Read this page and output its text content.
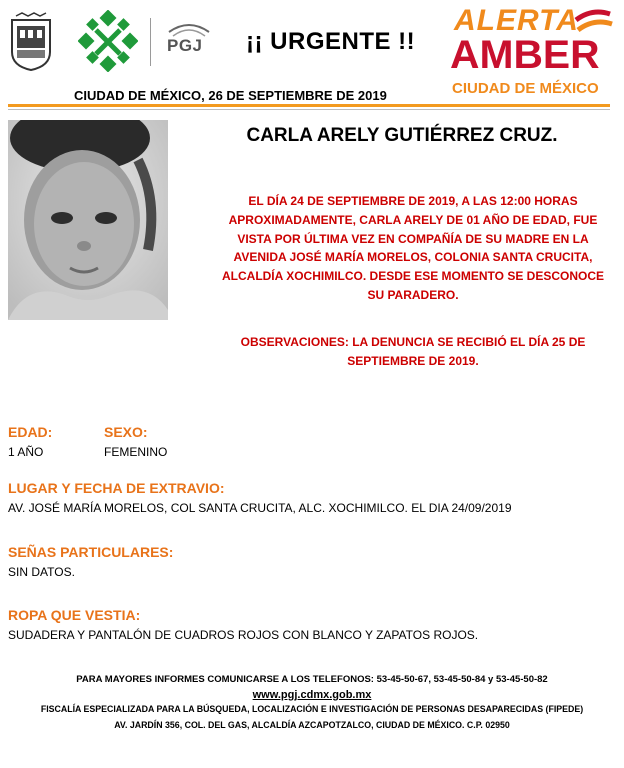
PGJ ¡¡ URGENTE !!
ALERTA
AMBER
CIUDAD DE MÉXICO
CIUDAD DE MÉXICO, 26 DE SEPTIEMBRE DE 2019
CARLA ARELY GUTIÉRREZ CRUZ.
EL DÍA 24 DE SEPTIEMBRE DE 2019, A LAS 12:00 HORAS APROXIMADAMENTE, CARLA ARELY DE 01 AÑO DE EDAD, FUE VISTA POR ÚLTIMA VEZ EN COMPAÑÍA DE SU MADRE EN LA AVENIDA JOSÉ MARÍA MORELOS, COLONIA SANTA CRUCITA, ALCALDÍA XOCHIMILCO. DESDE ESE MOMENTO SE DESCONOCE SU PARADERO.
OBSERVACIONES: LA DENUNCIA SE RECIBIÓ EL DÍA 25 DE SEPTIEMBRE DE 2019.
EDAD:
1 AÑO
SEXO:
FEMENINO
LUGAR Y FECHA DE EXTRAVIO:
AV. JOSÉ MARÍA MORELOS, COL SANTA CRUCITA, ALC. XOCHIMILCO. EL DIA 24/09/2019
SEÑAS PARTICULARES:
SIN DATOS.
ROPA QUE VESTIA:
SUDADERA Y PANTALÓN DE CUADROS ROJOS CON BLANCO Y ZAPATOS ROJOS.
PARA MAYORES INFORMES COMUNICARSE A LOS TELEFONOS: 53-45-50-67, 53-45-50-84 y 53-45-50-82
www.pgj.cdmx.gob.mx
FISCALÍA ESPECIALIZADA PARA LA BÚSQUEDA, LOCALIZACIÓN E INVESTIGACIÓN DE PERSONAS DESAPARECIDAS (FIPEDE)
AV. JARDÍN 356, COL. DEL GAS, ALCALDÍA AZCAPOTZALCO, CIUDAD DE MÉXICO. C.P. 02950
